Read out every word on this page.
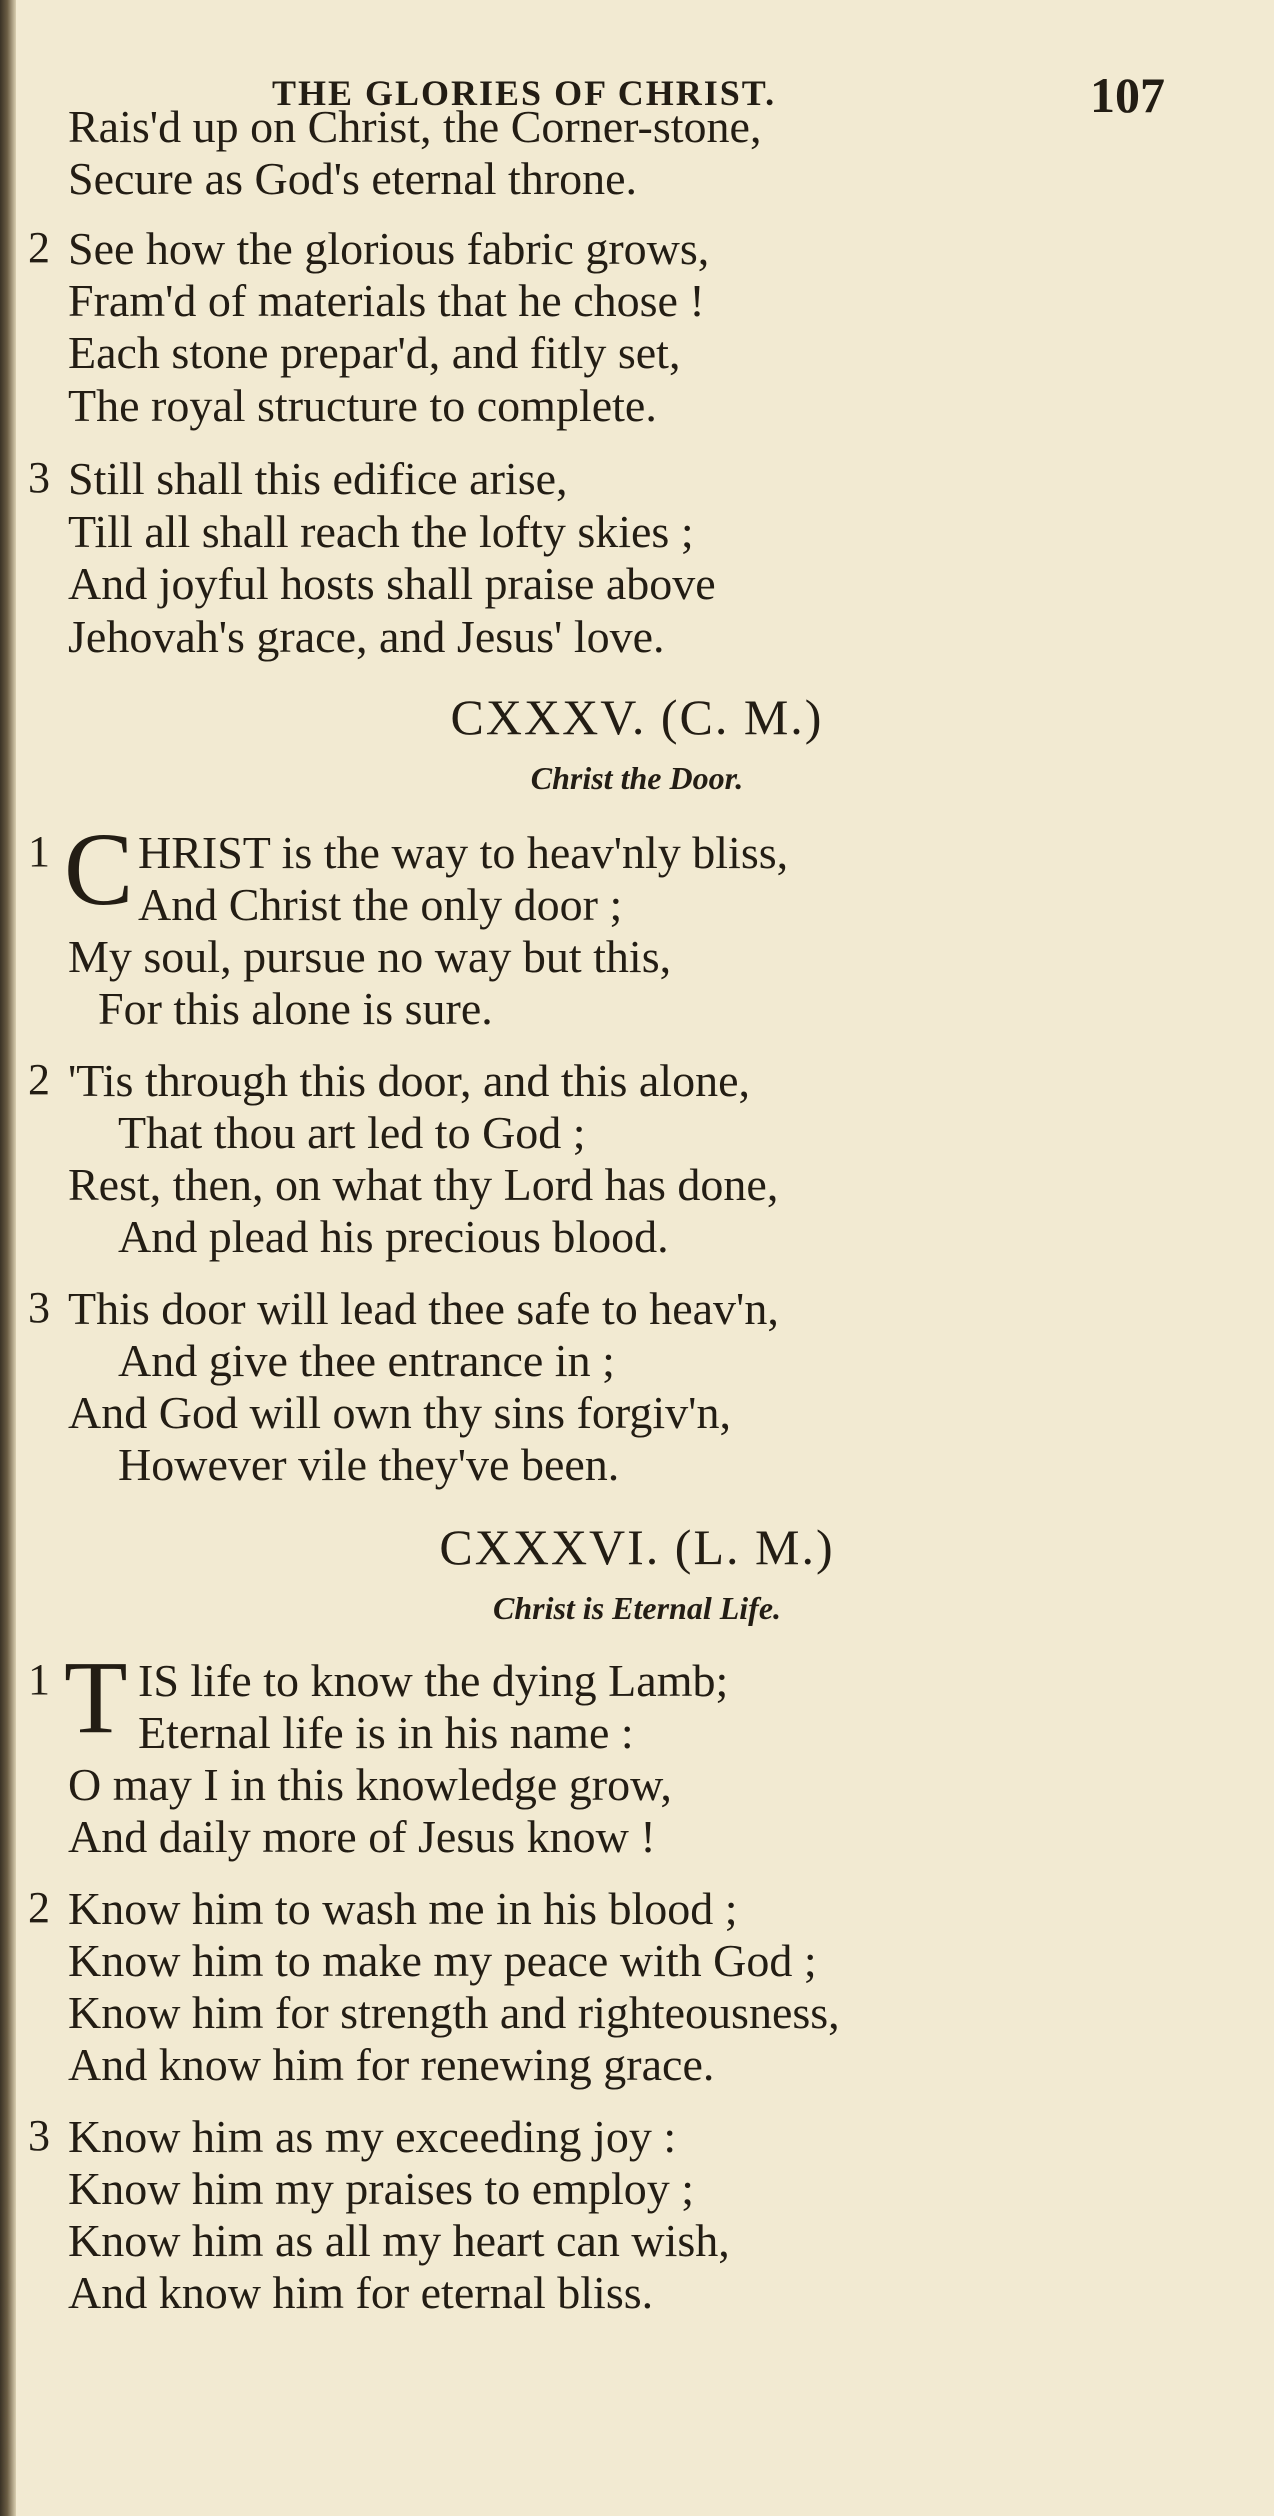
THE GLORIES OF CHRIST.	107
Rais'd up on Christ, the Corner-stone,
Secure as God's eternal throne.
2 See how the glorious fabric grows,
Fram'd of materials that he chose !
Each stone prepar'd, and fitly set,
The royal structure to complete.
3 Still shall this edifice arise,
Till all shall reach the lofty skies ;
And joyful hosts shall praise above
Jehovah's grace, and Jesus' love.
CXXXV. (C. M.)
Christ the Door.
1 C HRIST is the way to heav'nly bliss,
And Christ the only door ;
My soul, pursue no way but this,
For this alone is sure.
2 'Tis through this door, and this alone,
That thou art led to God ;
Rest, then, on what thy Lord has done,
And plead his precious blood.
3 This door will lead thee safe to heav'n,
And give thee entrance in ;
And God will own thy sins forgiv'n,
However vile they've been.
CXXXVI. (L. M.)
Christ is Eternal Life.
1 T IS life to know the dying Lamb;
Eternal life is in his name :
O may I in this knowledge grow,
And daily more of Jesus know !
2 Know him to wash me in his blood ;
Know him to make my peace with God ;
Know him for strength and righteousness,
And know him for renewing grace.
3 Know him as my exceeding joy :
Know him my praises to employ ;
Know him as all my heart can wish,
And know him for eternal bliss.
